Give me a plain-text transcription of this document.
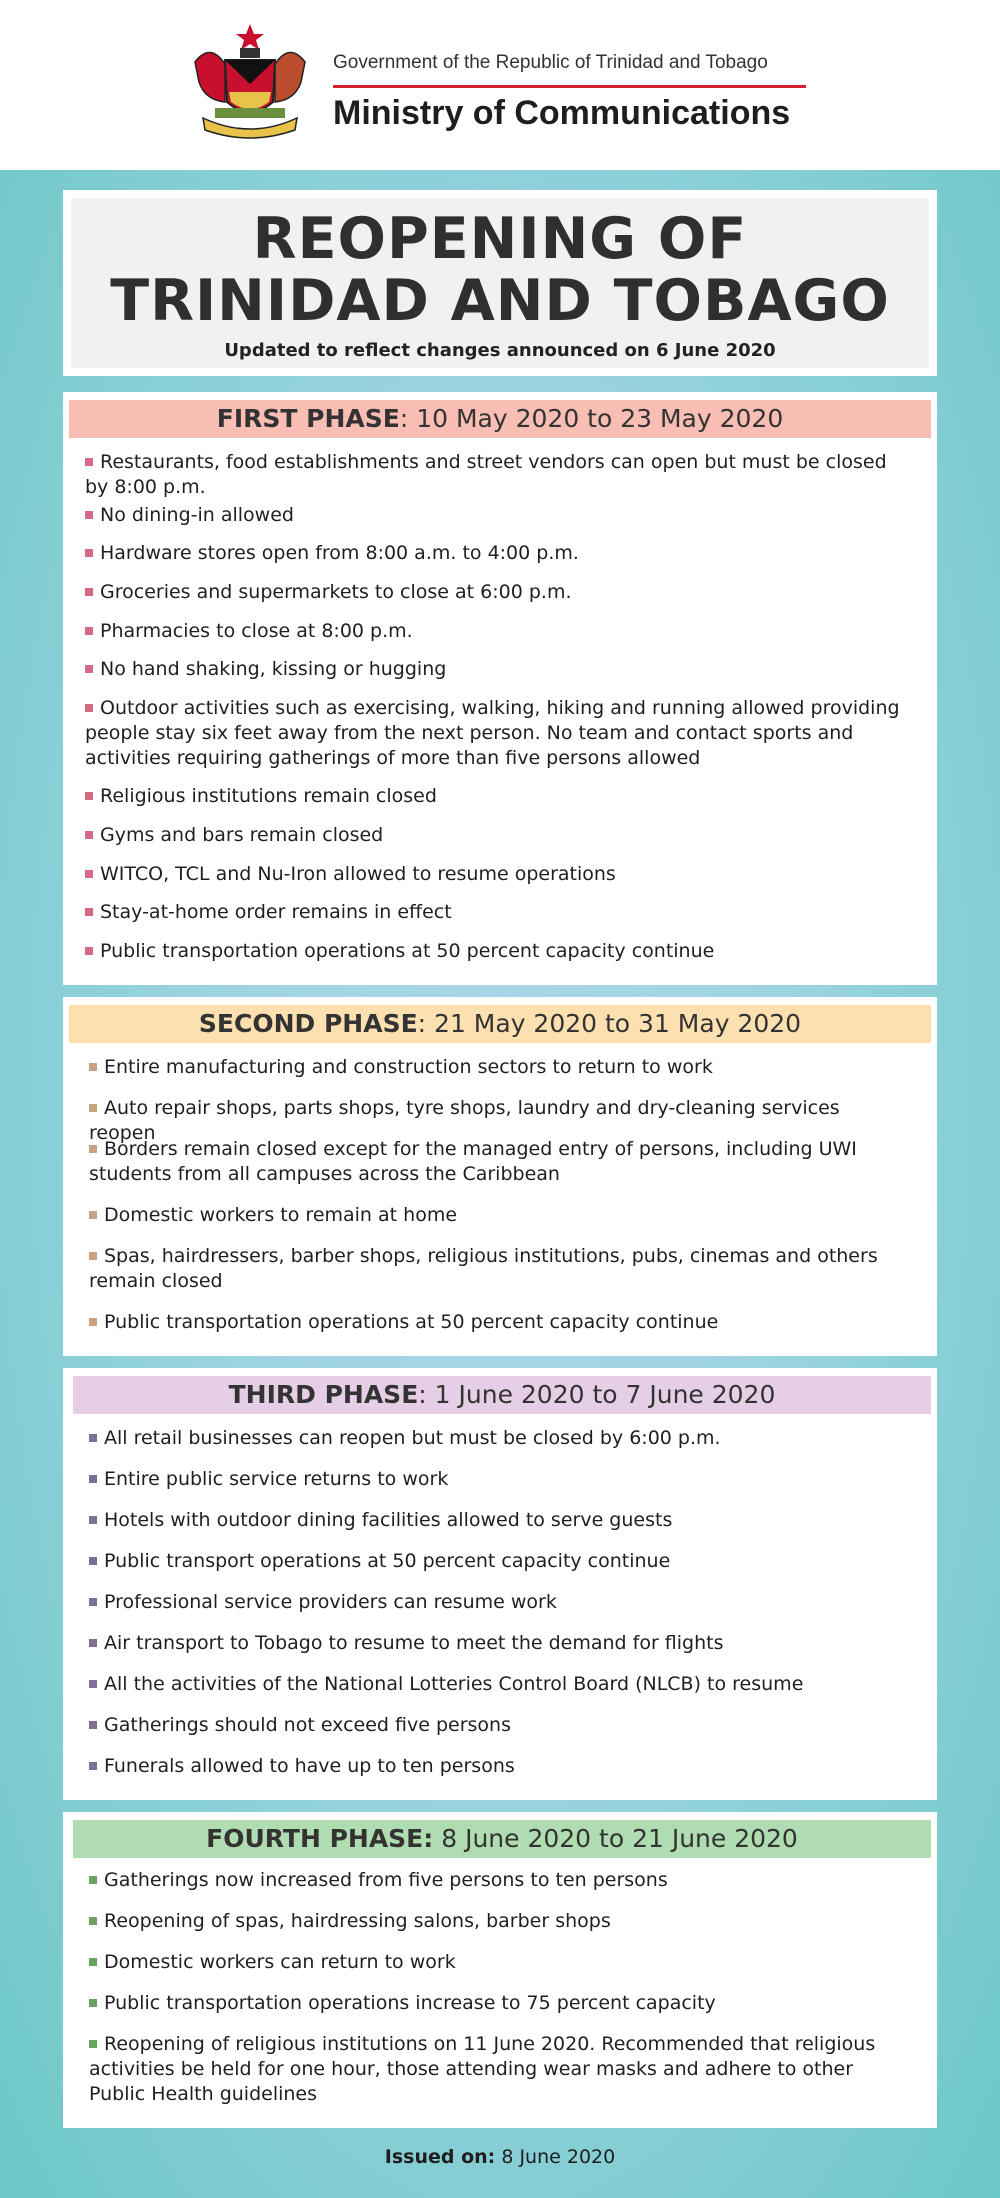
Government of the Republic of Trinidad and Tobago
Ministry of Communications
REOPENING OF
TRINIDAD AND TOBAGO
Updated to reflect changes announced on 6 June 2020
FIRST PHASE: 10 May 2020 to 23 May 2020
Restaurants, food establishments and street vendors can open but must be closed by 8:00 p.m.
No dining-in allowed
Hardware stores open from 8:00 a.m. to 4:00 p.m.
Groceries and supermarkets to close at 6:00 p.m.
Pharmacies to close at 8:00 p.m.
No hand shaking, kissing or hugging
Outdoor activities such as exercising, walking, hiking and running allowed providing people stay six feet away from the next person. No team and contact sports and activities requiring gatherings of more than five persons allowed
Religious institutions remain closed
Gyms and bars remain closed
WITCO, TCL and Nu-Iron allowed to resume operations
Stay-at-home order remains in effect
Public transportation operations at 50 percent capacity continue
SECOND PHASE: 21 May 2020 to 31 May 2020
Entire manufacturing and construction sectors to return to work
Auto repair shops, parts shops, tyre shops, laundry and dry-cleaning services reopen
Borders remain closed except for the managed entry of persons, including UWI students from all campuses across the Caribbean
Domestic workers to remain at home
Spas, hairdressers, barber shops, religious institutions, pubs, cinemas and others remain closed
Public transportation operations at 50 percent capacity continue
THIRD PHASE: 1 June 2020 to 7 June 2020
All retail businesses can reopen but must be closed by 6:00 p.m.
Entire public service returns to work
Hotels with outdoor dining facilities allowed to serve guests
Public transport operations at 50 percent capacity continue
Professional service providers can resume work
Air transport to Tobago to resume to meet the demand for flights
All the activities of the National Lotteries Control Board (NLCB) to resume
Gatherings should not exceed five persons
Funerals allowed to have up to ten persons
FOURTH PHASE: 8 June 2020 to 21 June 2020
Gatherings now increased from five persons to ten persons
Reopening of spas, hairdressing salons, barber shops
Domestic workers can return to work
Public transportation operations increase to 75 percent capacity
Reopening of religious institutions on 11 June 2020. Recommended that religious activities be held for one hour, those attending wear masks and adhere to other Public Health guidelines
Issued on: 8 June 2020
